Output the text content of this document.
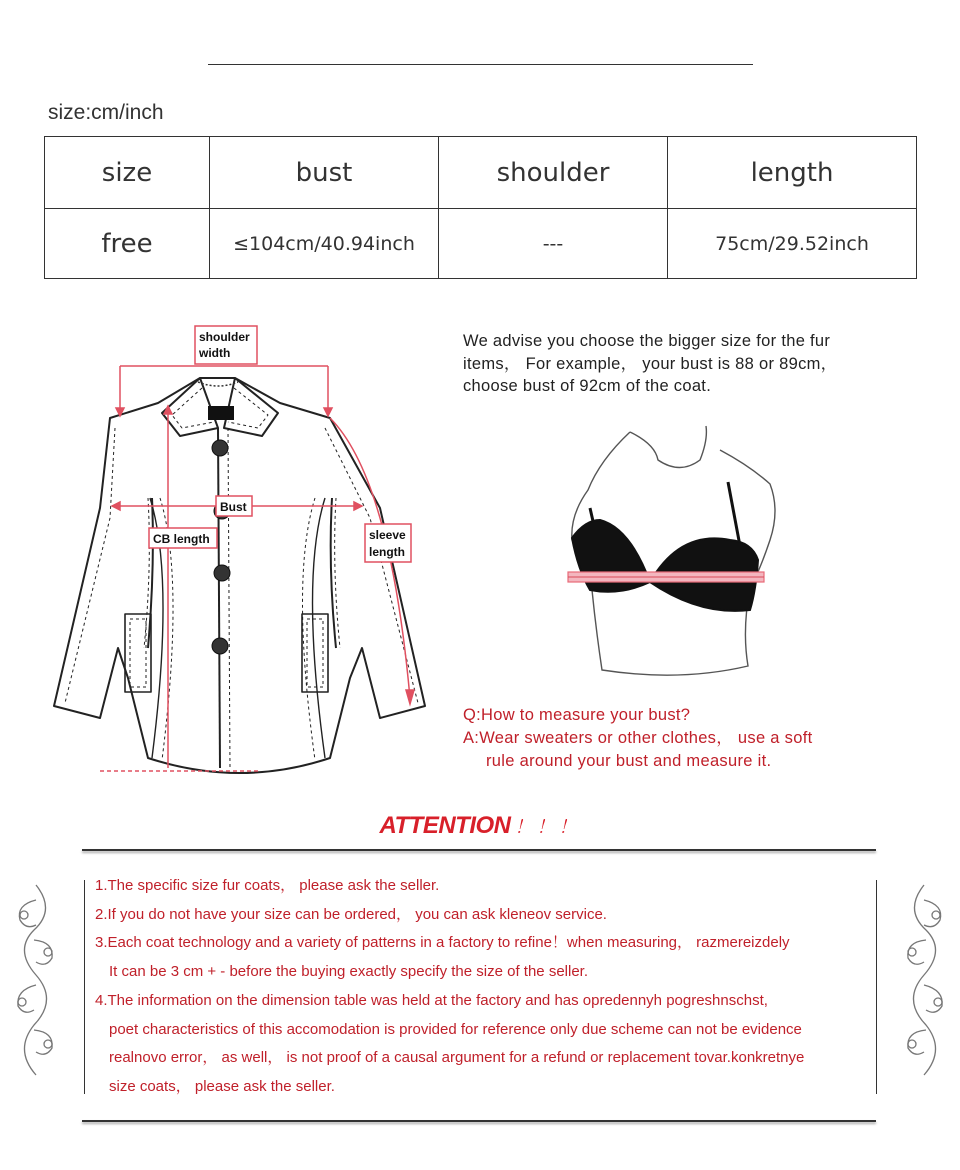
size:cm/inch
size	bust	shoulder	length
free	≤104cm/40.94inch	---	75cm/29.52inch
shoulder
width
Bust
CB length	sleeve
length
We advise you choose the bigger size for the fur
items， For example， your bust is 88 or 89cm，
choose bust of 92cm of the coat.
Q:How to measure your bust?
A:Wear sweaters or other clothes， use a soft
rule around your bust and measure it.
ATTENTION ！！！
1.The specific size fur coats， please ask the seller.
2.If you do not have your size can be ordered， you can ask kleneov service.
3.Each coat technology and a variety of patterns in a factory to refine！when measuring， razmereizdely
It can be 3 cm + - before the buying exactly specify the size of the seller.
4.The information on the dimension table was held at the factory and has opredennyh pogreshnschst,
poet characteristics of this accomodation is provided for reference only due scheme can not be evidence
realnovo error， as well， is not proof of a causal argument for a refund or replacement tovar.konkretnye
size coats， please ask the seller.
